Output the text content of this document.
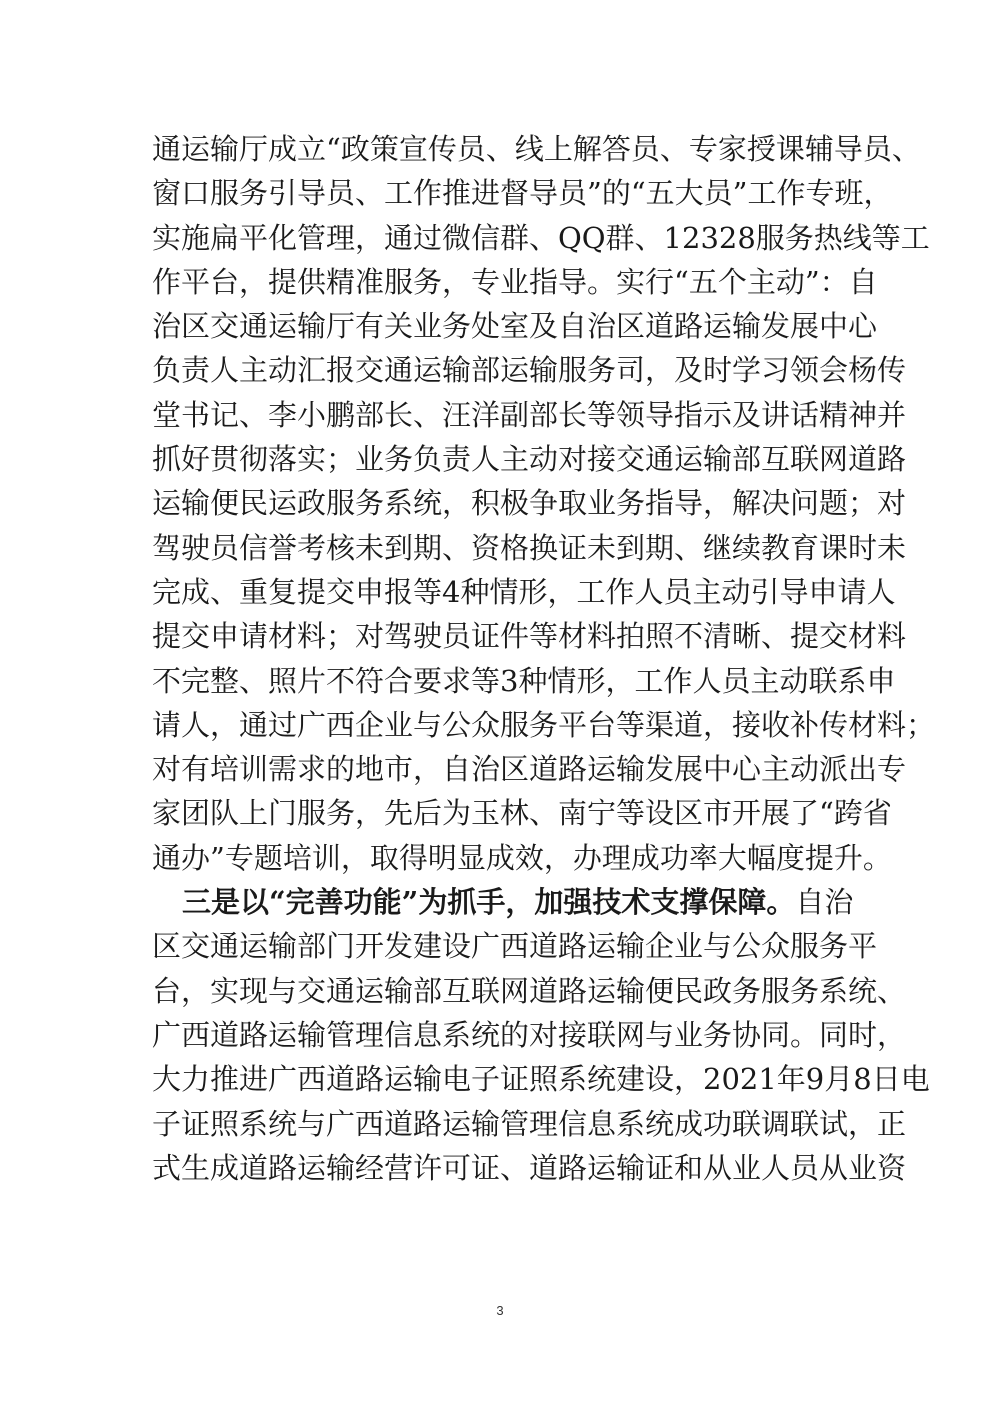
通运输厅成立“政策宣传员、线上解答员、专家授课辅导员、
窗口服务引导员、工作推进督导员”的“五大员”工作专班，
实施扁平化管理，通过微信群、QQ群、12328服务热线等工
作平台，提供精准服务，专业指导。实行“五个主动”：自
治区交通运输厅有关业务处室及自治区道路运输发展中心
负责人主动汇报交通运输部运输服务司，及时学习领会杨传
堂书记、李小鹏部长、汪洋副部长等领导指示及讲话精神并
抓好贯彻落实；业务负责人主动对接交通运输部互联网道路
运输便民运政服务系统，积极争取业务指导，解决问题；对
驾驶员信誉考核未到期、资格换证未到期、继续教育课时未
完成、重复提交申报等4种情形，工作人员主动引导申请人
提交申请材料；对驾驶员证件等材料拍照不清晰、提交材料
不完整、照片不符合要求等3种情形，工作人员主动联系申
请人，通过广西企业与公众服务平台等渠道，接收补传材料；
对有培训需求的地市，自治区道路运输发展中心主动派出专
家团队上门服务，先后为玉林、南宁等设区市开展了“跨省
通办”专题培训，取得明显成效，办理成功率大幅度提升。
三是以“完善功能”为抓手，加强技术支撑保障。自治
区交通运输部门开发建设广西道路运输企业与公众服务平
台，实现与交通运输部互联网道路运输便民政务服务系统、
广西道路运输管理信息系统的对接联网与业务协同。同时，
大力推进广西道路运输电子证照系统建设，2021年9月8日电
子证照系统与广西道路运输管理信息系统成功联调联试，正
式生成道路运输经营许可证、道路运输证和从业人员从业资
3
